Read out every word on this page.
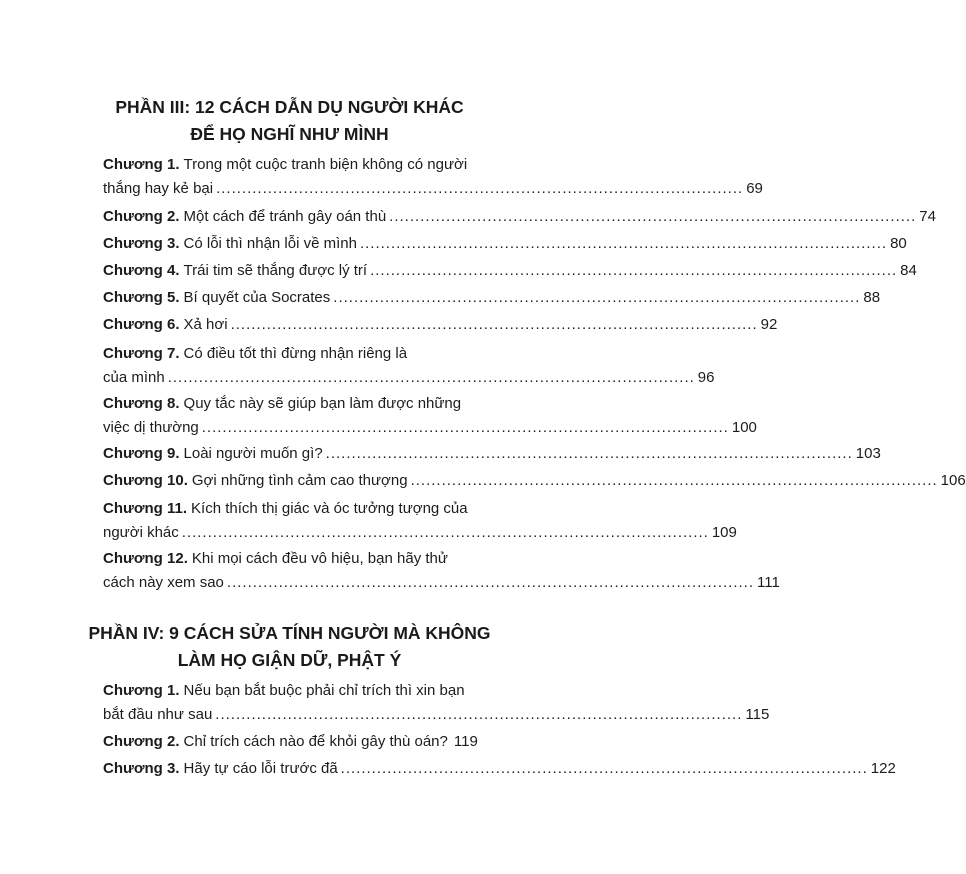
PHẦN III: 12 CÁCH DẪN DỤ NGƯỜI KHÁC
ĐỂ HỌ NGHĨ NHƯ MÌNH
Chương 1. Trong một cuộc tranh biện không có người
thắng hay kẻ bại ...................................................................................................... 69
Chương 2. Một cách để tránh gây oán thù ...................................................................................................... 74
Chương 3. Có lỗi thì nhận lỗi về mình ...................................................................................................... 80
Chương 4. Trái tim sẽ thắng được lý trí ...................................................................................................... 84
Chương 5. Bí quyết của Socrates ...................................................................................................... 88
Chương 6. Xả hơi ...................................................................................................... 92
Chương 7. Có điều tốt thì đừng nhận riêng là
của mình ...................................................................................................... 96
Chương 8. Quy tắc này sẽ giúp bạn làm được những
việc dị thường ...................................................................................................... 100
Chương 9. Loài người muốn gì? ...................................................................................................... 103
Chương 10. Gợi những tình cảm cao thượng ...................................................................................................... 106
Chương 11. Kích thích thị giác và óc tưởng tượng của
người khác ...................................................................................................... 109
Chương 12. Khi mọi cách đều vô hiệu, bạn hãy thử
cách này xem sao ...................................................................................................... 111
PHẦN IV: 9 CÁCH SỬA TÍNH NGƯỜI MÀ KHÔNG
LÀM HỌ GIẬN DỮ, PHẬT Ý
Chương 1. Nếu bạn bắt buộc phải chỉ trích thì xin bạn
bắt đầu như sau ...................................................................................................... 115
Chương 2. Chỉ trích cách nào để khỏi gây thù oán? 119
Chương 3. Hãy tự cáo lỗi trước đã ...................................................................................................... 122
